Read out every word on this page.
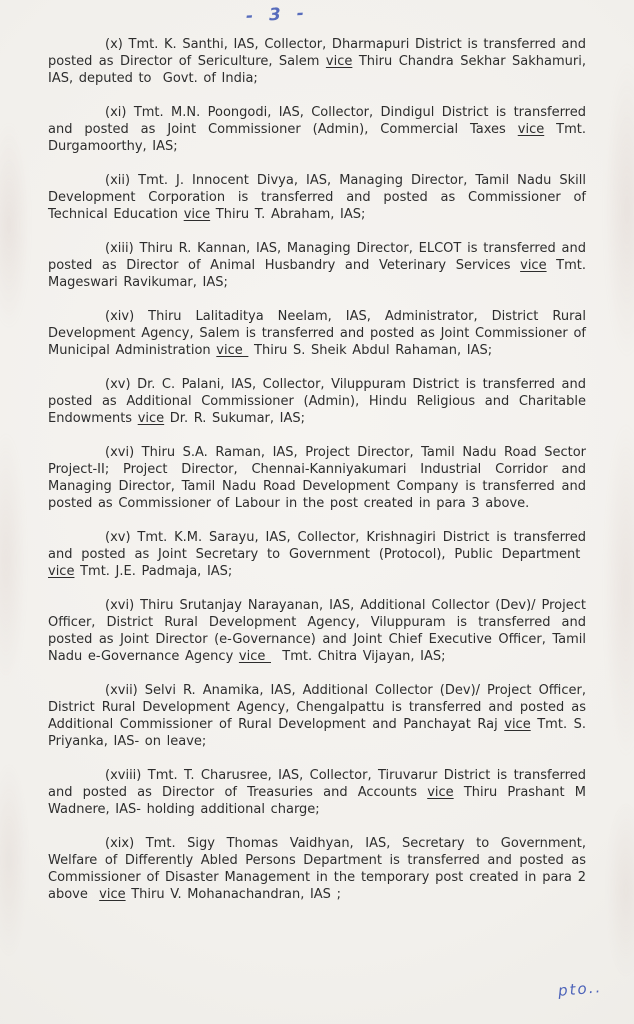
- 3 -

(x) Tmt. K. Santhi, IAS, Collector, Dharmapuri District is transferred and posted as Director of Sericulture, Salem vice Thiru Chandra Sekhar Sakhamuri, IAS, deputed to  Govt. of India;

(xi) Tmt. M.N. Poongodi, IAS, Collector, Dindigul District is transferred and posted as Joint Commissioner (Admin), Commercial Taxes vice Tmt. Durgamoorthy, IAS;

(xii) Tmt. J. Innocent Divya, IAS, Managing Director, Tamil Nadu Skill Development Corporation is transferred and posted as Commissioner of Technical Education vice Thiru T. Abraham, IAS;

(xiii) Thiru R. Kannan, IAS, Managing Director, ELCOT is transferred and posted as Director of Animal Husbandry and Veterinary Services vice Tmt. Mageswari Ravikumar, IAS;

(xiv) Thiru Lalitaditya Neelam, IAS, Administrator, District Rural Development Agency, Salem is transferred and posted as Joint Commissioner of Municipal Administration vice  Thiru S. Sheik Abdul Rahaman, IAS;

(xv) Dr. C. Palani, IAS, Collector, Viluppuram District is transferred and posted as Additional Commissioner (Admin), Hindu Religious and Charitable Endowments vice Dr. R. Sukumar, IAS;

(xvi) Thiru S.A. Raman, IAS, Project Director, Tamil Nadu Road Sector Project-II; Project Director, Chennai-Kanniyakumari Industrial Corridor and Managing Director, Tamil Nadu Road Development Company is transferred and posted as Commissioner of Labour in the post created in para 3 above.

(xv) Tmt. K.M. Sarayu, IAS, Collector, Krishnagiri District is transferred and posted as Joint Secretary to Government (Protocol), Public Department  vice Tmt. J.E. Padmaja, IAS;

(xvi) Thiru Srutanjay Narayanan, IAS, Additional Collector (Dev)/ Project Officer, District Rural Development Agency, Viluppuram is transferred and posted as Joint Director (e-Governance) and Joint Chief Executive Officer, Tamil Nadu e-Governance Agency vice   Tmt. Chitra Vijayan, IAS;

(xvii) Selvi R. Anamika, IAS, Additional Collector (Dev)/ Project Officer, District Rural Development Agency, Chengalpattu is transferred and posted as Additional Commissioner of Rural Development and Panchayat Raj vice Tmt. S. Priyanka, IAS- on leave;

(xviii) Tmt. T. Charusree, IAS, Collector, Tiruvarur District is transferred and posted as Director of Treasuries and Accounts vice Thiru Prashant M Wadnere, IAS- holding additional charge;

(xix) Tmt. Sigy Thomas Vaidhyan, IAS, Secretary to Government, Welfare of Differently Abled Persons Department is transferred and posted as Commissioner of Disaster Management in the temporary post created in para 2 above  vice Thiru V. Mohanachandran, IAS ;

pto..
